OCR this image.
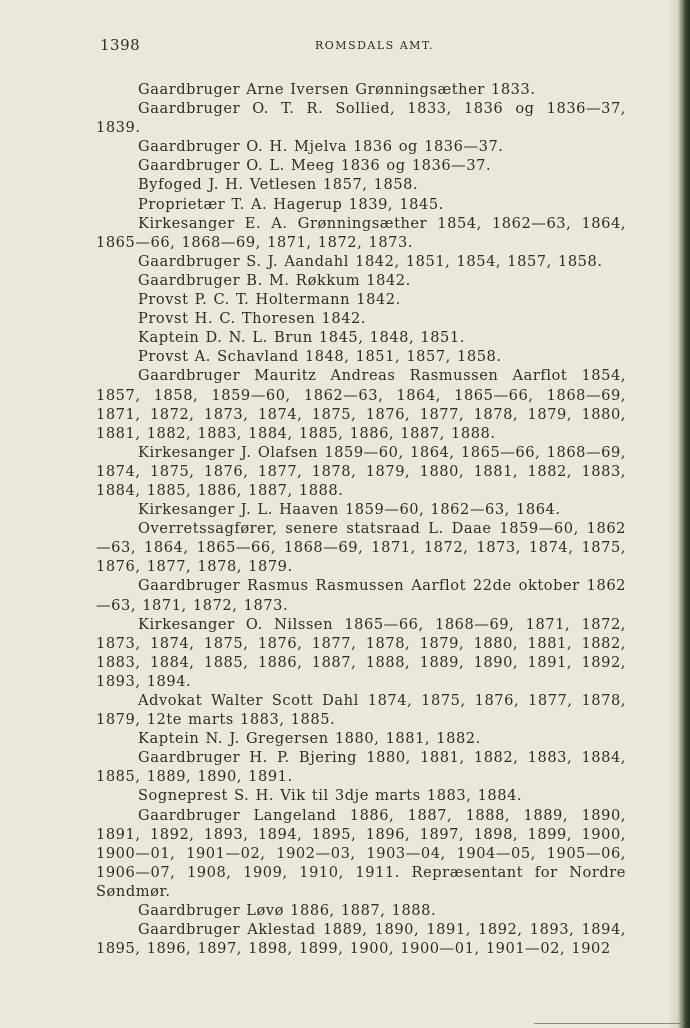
1398	ROMSDALS AMT.

Gaardbruger Arne Iversen Grønningsæther 1833.

Gaardbruger O. T. R. Sollied, 1833, 1836 og 1836—37, 1839.

Gaardbruger O. H. Mjelva 1836 og 1836—37.

Gaardbruger O. L. Meeg 1836 og 1836—37.

Byfoged J. H. Vetlesen 1857, 1858.

Proprietær T. A. Hagerup 1839, 1845.

Kirkesanger E. A. Grønningsæther 1854, 1862—63, 1864, 1865—66, 1868—69, 1871, 1872, 1873.

Gaardbruger S. J. Aandahl 1842, 1851, 1854, 1857, 1858.

Gaardbruger B. M. Røkkum 1842.

Provst P. C. T. Holtermann 1842.

Provst H. C. Thoresen 1842.

Kaptein D. N. L. Brun 1845, 1848, 1851.

Provst A. Schavland 1848, 1851, 1857, 1858.

Gaardbruger Mauritz Andreas Rasmussen Aarflot 1854, 1857, 1858, 1859—60, 1862—63, 1864, 1865—66, 1868—69, 1871, 1872, 1873, 1874, 1875, 1876, 1877, 1878, 1879, 1880, 1881, 1882, 1883, 1884, 1885, 1886, 1887, 1888.

Kirkesanger J. Olafsen 1859—60, 1864, 1865—66, 1868—69, 1874, 1875, 1876, 1877, 1878, 1879, 1880, 1881, 1882, 1883, 1884, 1885, 1886, 1887, 1888.

Kirkesanger J. L. Haaven 1859—60, 1862—63, 1864.

Overretssagfører, senere statsraad L. Daae 1859—60, 1862—63, 1864, 1865—66, 1868—69, 1871, 1872, 1873, 1874, 1875, 1876, 1877, 1878, 1879.

Gaardbruger Rasmus Rasmussen Aarflot 22de oktober 1862—63, 1871, 1872, 1873.

Kirkesanger O. Nilssen 1865—66, 1868—69, 1871, 1872, 1873, 1874, 1875, 1876, 1877, 1878, 1879, 1880, 1881, 1882, 1883, 1884, 1885, 1886, 1887, 1888, 1889, 1890, 1891, 1892, 1893, 1894.

Advokat Walter Scott Dahl 1874, 1875, 1876, 1877, 1878, 1879, 12te marts 1883, 1885.

Kaptein N. J. Gregersen 1880, 1881, 1882.

Gaardbruger H. P. Bjering 1880, 1881, 1882, 1883, 1884, 1885, 1889, 1890, 1891.

Sogneprest S. H. Vik til 3dje marts 1883, 1884.

Gaardbruger Langeland 1886, 1887, 1888, 1889, 1890, 1891, 1892, 1893, 1894, 1895, 1896, 1897, 1898, 1899, 1900, 1900—01, 1901—02, 1902—03, 1903—04, 1904—05, 1905—06, 1906—07, 1908, 1909, 1910, 1911. Repræsentant for Nordre Søndmør.

Gaardbruger Løvø 1886, 1887, 1888.

Gaardbruger Aklestad 1889, 1890, 1891, 1892, 1893, 1894, 1895, 1896, 1897, 1898, 1899, 1900, 1900—01, 1901—02, 1902
